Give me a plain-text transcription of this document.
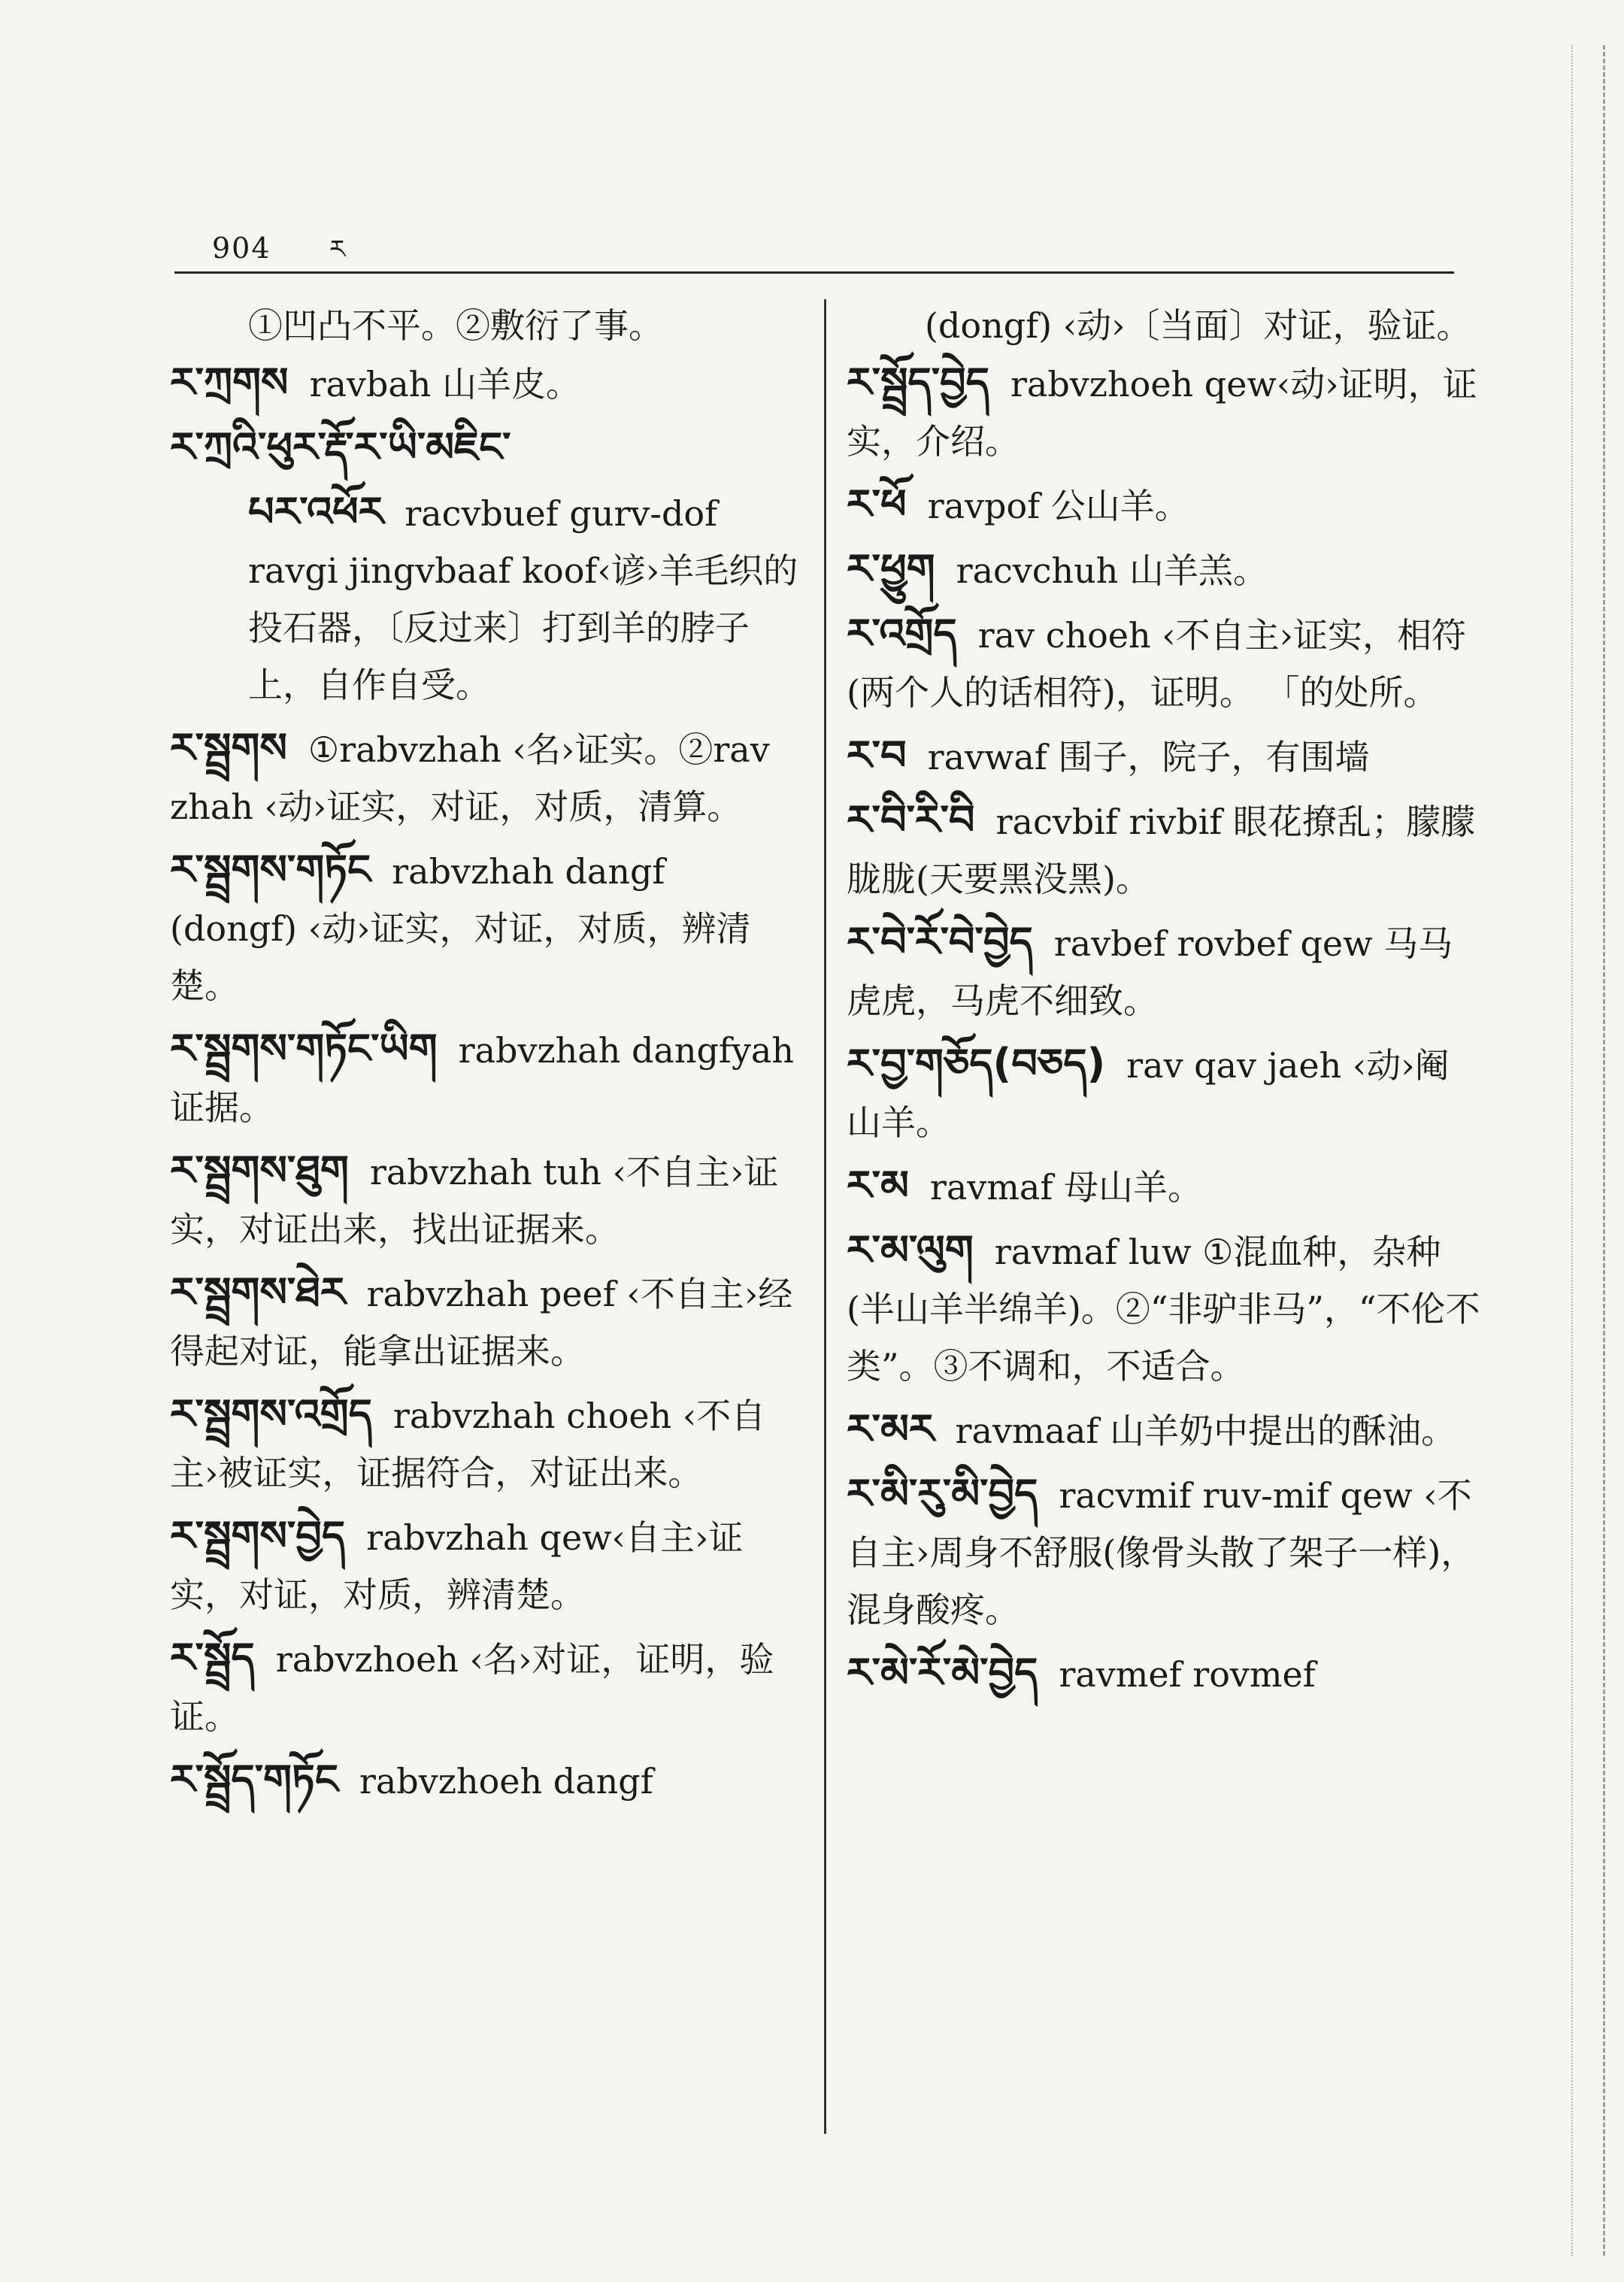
904 ར
①凹凸不平。②敷衍了事。
ར་ཀྲགས ravbah 山羊皮。
ར་ཀྲའི་ཕུར་རྡོ་ར་ཡི་མཇིང་
པར་འཕོར racvbuef gurv-dof ravgi jingvbaaf koof‹谚›羊毛织的投石器，〔反过来〕打到羊的脖子上，自作自受。
ར་སྦྲགས ①rabvzhah ‹名›证实。②rav zhah ‹动›证实，对证，对质，清算。
ར་སྦྲགས་གཏོང rabvzhah dangf (dongf) ‹动›证实，对证，对质，辨清楚。
ར་སྦྲགས་གཏོང་ཡིག rabvzhah dangfyah 证据。
ར་སྦྲགས་ཐུག rabvzhah tuh ‹不自主›证实，对证出来，找出证据来。
ར་སྦྲགས་ཐེར rabvzhah peef ‹不自主›经得起对证，能拿出证据来。
ར་སྦྲགས་འགྲོད rabvzhah choeh ‹不自主›被证实，证据符合，对证出来。
ར་སྦྲགས་བྱེད rabvzhah qew‹自主›证实，对证，对质，辨清楚。
ར་སྦྲོད rabvzhoeh ‹名›对证，证明，验证。
ར་སྦྲོད་གཏོང rabvzhoeh dangf
(dongf) ‹动›〔当面〕对证，验证。
ར་སྦྲོད་བྱེད rabvzhoeh qew‹动›证明，证实，介绍。
ར་ཕོ ravpof 公山羊。
ར་ཕྱུག racvchuh 山羊羔。
ར་འགྲོད rav choeh ‹不自主›证实，相符(两个人的话相符)，证明。 「的处所。
ར་བ ravwaf 围子，院子，有围墙
ར་བི་རི་བི racvbif rivbif 眼花撩乱；朦朦胧胧(天要黑没黑)。
ར་བེ་རོ་བེ་བྱེད ravbef rovbef qew 马马虎虎，马虎不细致。
ར་བྱ་གཅོད(བཅད) rav qav jaeh ‹动›阉山羊。
ར་མ ravmaf 母山羊。
ར་མ་ལུག ravmaf luw ①混血种，杂种(半山羊半绵羊)。②“非驴非马”，“不伦不类”。③不调和，不适合。
ར་མར ravmaaf 山羊奶中提出的酥油。
ར་མི་རུ་མི་བྱེད racvmif ruv-mif qew ‹不自主›周身不舒服(像骨头散了架子一样)，混身酸疼。
ར་མེ་རོ་མེ་བྱེད ravmef rovmef
